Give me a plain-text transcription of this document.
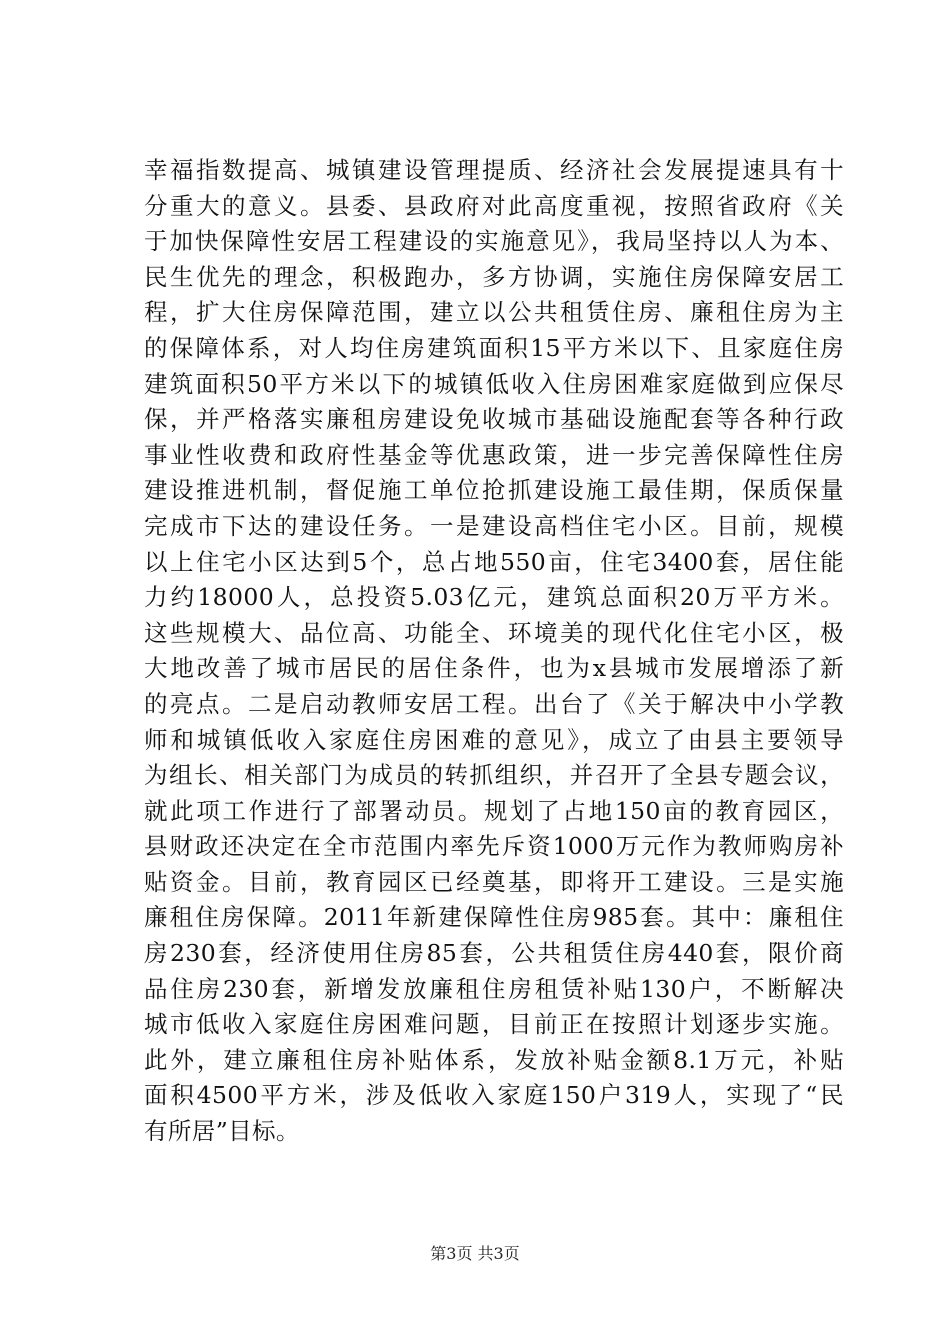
幸福指数提高、城镇建设管理提质、经济社会发展提速具有十
分重大的意义。县委、县政府对此高度重视，按照省政府《关
于加快保障性安居工程建设的实施意见》，我局坚持以人为本、
民生优先的理念，积极跑办，多方协调，实施住房保障安居工
程，扩大住房保障范围，建立以公共租赁住房、廉租住房为主
的保障体系，对人均住房建筑面积15平方米以下、且家庭住房
建筑面积50平方米以下的城镇低收入住房困难家庭做到应保尽
保，并严格落实廉租房建设免收城市基础设施配套等各种行政
事业性收费和政府性基金等优惠政策，进一步完善保障性住房
建设推进机制，督促施工单位抢抓建设施工最佳期，保质保量
完成市下达的建设任务。一是建设高档住宅小区。目前，规模
以上住宅小区达到5个，总占地550亩，住宅3400套，居住能
力约18000人，总投资5.03亿元，建筑总面积20万平方米。
这些规模大、品位高、功能全、环境美的现代化住宅小区，极
大地改善了城市居民的居住条件，也为x县城市发展增添了新
的亮点。二是启动教师安居工程。出台了《关于解决中小学教
师和城镇低收入家庭住房困难的意见》，成立了由县主要领导
为组长、相关部门为成员的转抓组织，并召开了全县专题会议，
就此项工作进行了部署动员。规划了占地150亩的教育园区，
县财政还决定在全市范围内率先斥资1000万元作为教师购房补
贴资金。目前，教育园区已经奠基，即将开工建设。三是实施
廉租住房保障。2011年新建保障性住房985套。其中：廉租住
房230套，经济使用住房85套，公共租赁住房440套，限价商
品住房230套，新增发放廉租住房租赁补贴130户，不断解决
城市低收入家庭住房困难问题，目前正在按照计划逐步实施。
此外，建立廉租住房补贴体系，发放补贴金额8.1万元，补贴
面积4500平方米，涉及低收入家庭150户319人，实现了“民
有所居”目标。
第3页 共3页
